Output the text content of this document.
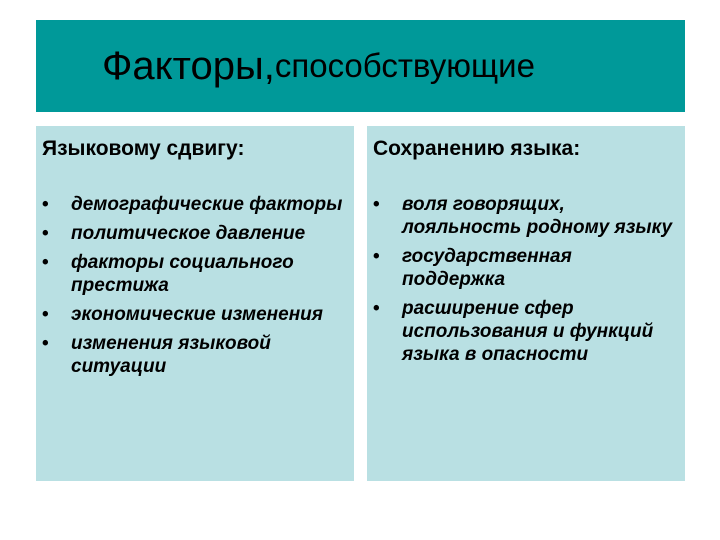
Факторы, способствующие
Языковому сдвигу:
• демографические факторы
• политическое давление
• факторы социального престижа
• экономические изменения
• изменения языковой ситуации
Сохранению языка:
• воля говорящих, лояльность родному языку
• государственная поддержка
• расширение сфер использования и функций языка в опасности
